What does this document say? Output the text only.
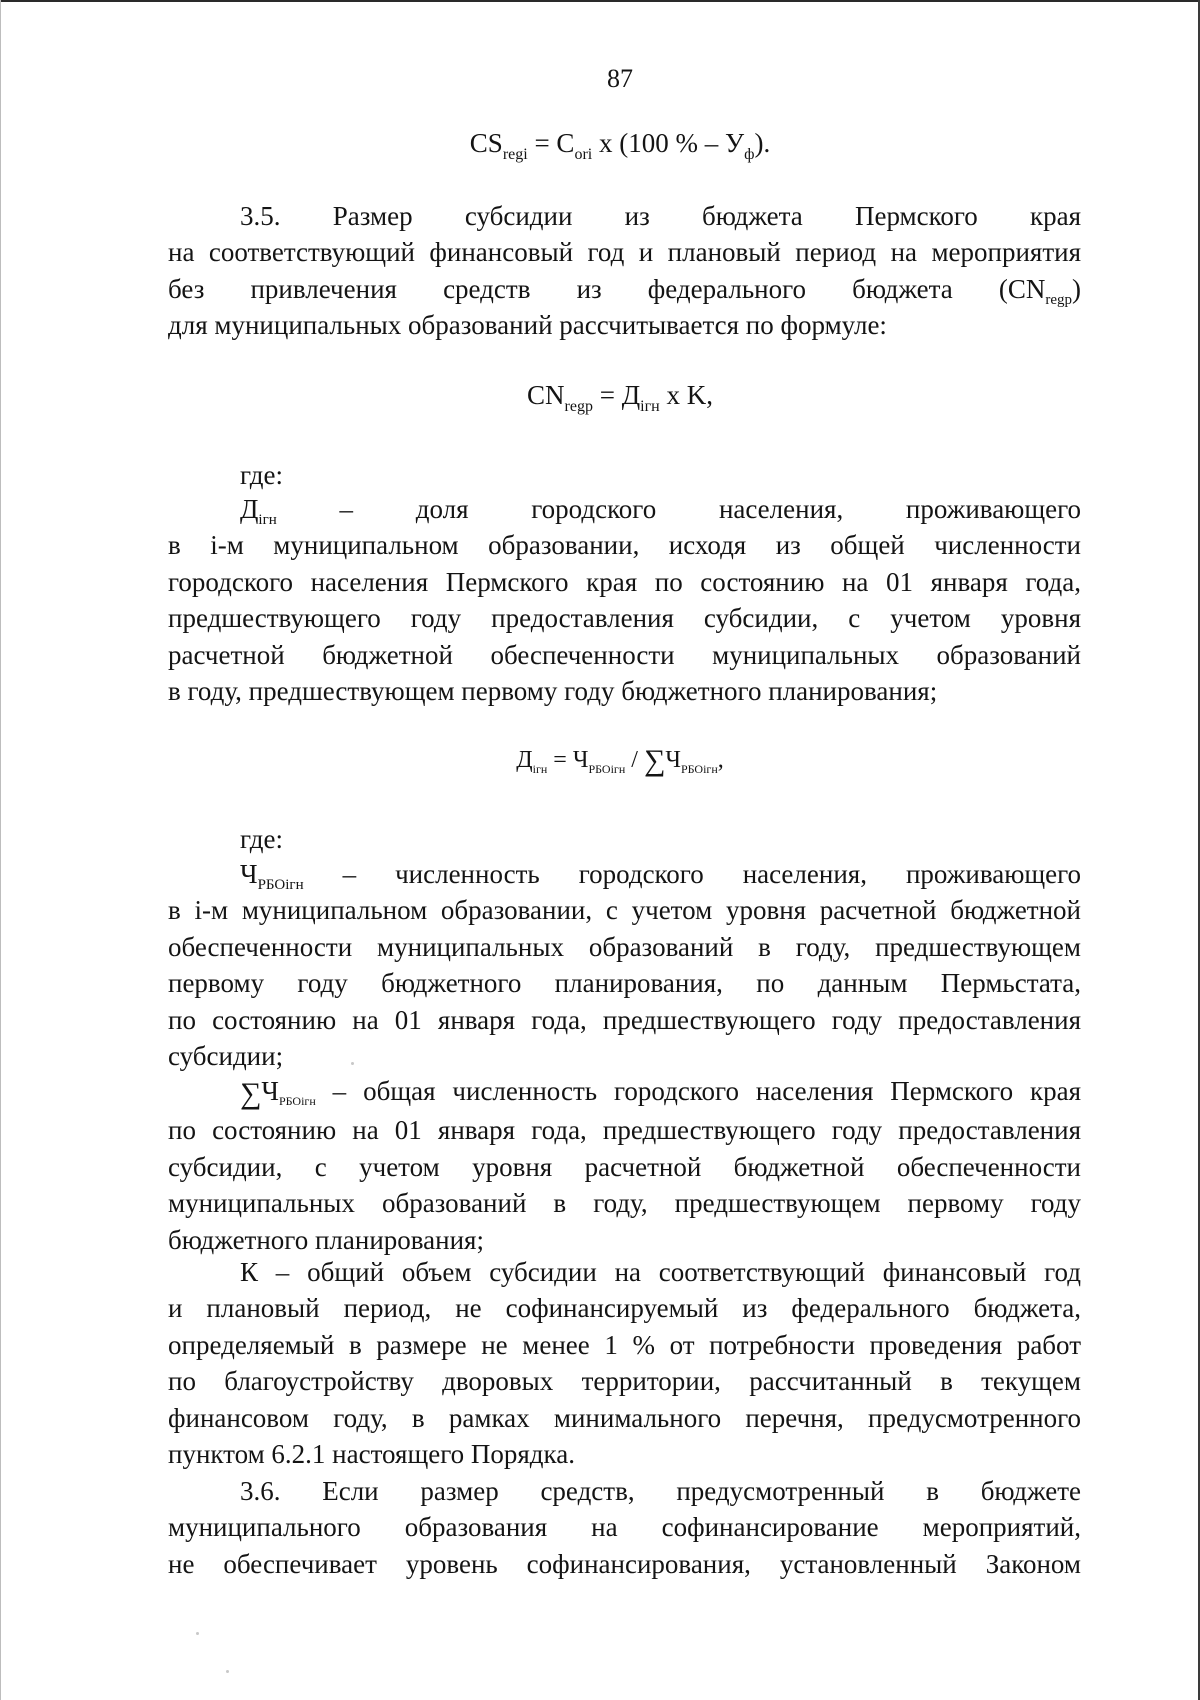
87
$CS_{regi} = C_{ori}$ x (100 % – $У_ф$).
3.5. Размер субсидии из бюджета Пермского края
на соответствующий финансовый год и плановый период на мероприятия
без привлечения средств из федерального бюджета $(CN_{regp})$
для муниципальных образований рассчитывается по формуле:
$CN_{regp} = Д_{iгн}$ x K,
где:
$Д_{iгн}$ – доля городского населения, проживающего
в i-м муниципальном образовании, исходя из общей численности
городского населения Пермского края по состоянию на 01 января года,
предшествующего году предоставления субсидии, с учетом уровня
расчетной бюджетной обеспеченности муниципальных образований
в году, предшествующем первому году бюджетного планирования;
$Д_{iгн} = Ч_{РБОiгн} / \sum Ч_{РБОiгн}$,
где:
$Ч_{РБОiгн}$ – численность городского населения, проживающего
в i-м муниципальном образовании, с учетом уровня расчетной бюджетной
обеспеченности муниципальных образований в году, предшествующем
первому году бюджетного планирования, по данным Пермьстата,
по состоянию на 01 января года, предшествующего году предоставления
субсидии;
$\sum Ч_{РБОiгн}$ – общая численность городского населения Пермского края
по состоянию на 01 января года, предшествующего году предоставления
субсидии, с учетом уровня расчетной бюджетной обеспеченности
муниципальных образований в году, предшествующем первому году
бюджетного планирования;
К – общий объем субсидии на соответствующий финансовый год
и плановый период, не софинансируемый из федерального бюджета,
определяемый в размере не менее 1 % от потребности проведения работ
по благоустройству дворовых территории, рассчитанный в текущем
финансовом году, в рамках минимального перечня, предусмотренного
пунктом 6.2.1 настоящего Порядка.
3.6. Если размер средств, предусмотренный в бюджете
муниципального образования на софинансирование мероприятий,
не обеспечивает уровень софинансирования, установленный Законом
